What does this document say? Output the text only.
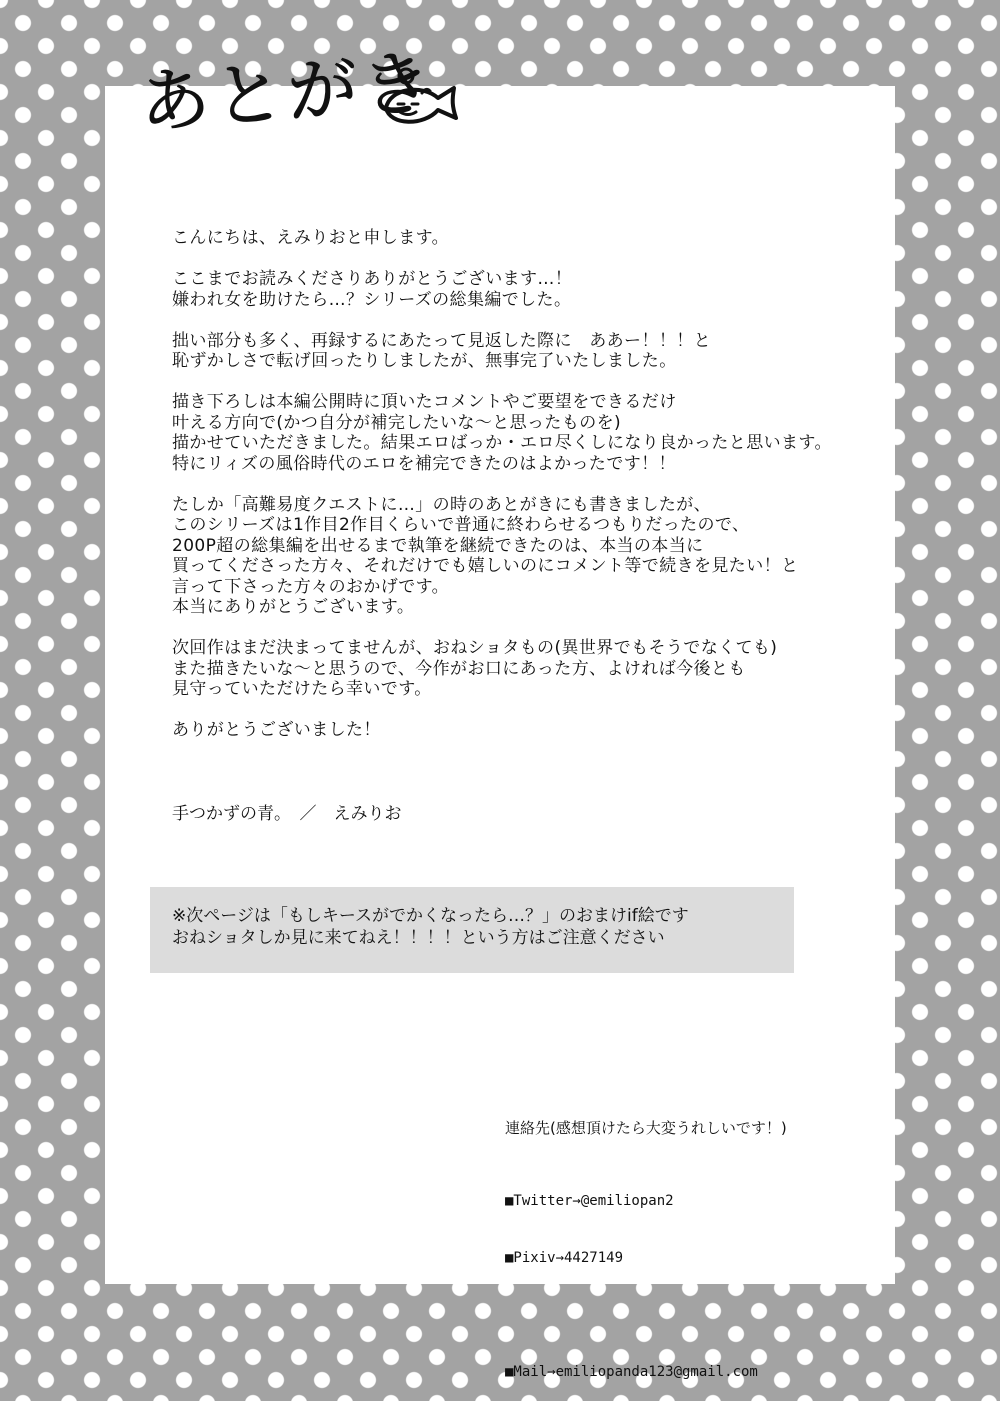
あとがき
こんにちは、えみりおと申します。
ここまでお読みくださりありがとうございます…！
嫌われ女を助けたら…？シリーズの総集編でした。
拙い部分も多く、再録するにあたって見返した際に　ああー！！！と
恥ずかしさで転げ回ったりしましたが、無事完了いたしました。
描き下ろしは本編公開時に頂いたコメントやご要望をできるだけ
叶える方向で(かつ自分が補完したいな～と思ったものを)
描かせていただきました。結果エロばっか・エロ尽くしになり良かったと思います。
特にリィズの風俗時代のエロを補完できたのはよかったです！！
たしか「高難易度クエストに…」の時のあとがきにも書きましたが、
このシリーズは1作目2作目くらいで普通に終わらせるつもりだったので、
200P超の総集編を出せるまで執筆を継続できたのは、本当の本当に
買ってくださった方々、それだけでも嬉しいのにコメント等で続きを見たい！と
言って下さった方々のおかげです。
本当にありがとうございます。
次回作はまだ決まってませんが、おねショタもの(異世界でもそうでなくても)
また描きたいな～と思うので、今作がお口にあった方、よければ今後とも
見守っていただけたら幸いです。
ありがとうございました！
手つかずの青。　／　えみりお
※次ページは「もしキースがでかくなったら…？」のおまけif絵です
おねショタしか見に来てねえ！！！！という方はご注意ください

連絡先(感想頂けたら大変うれしいです！)

■Twitter→@emiliopan2

■Pixiv→4427149

■Mail→emiliopanda123@gmail.com
